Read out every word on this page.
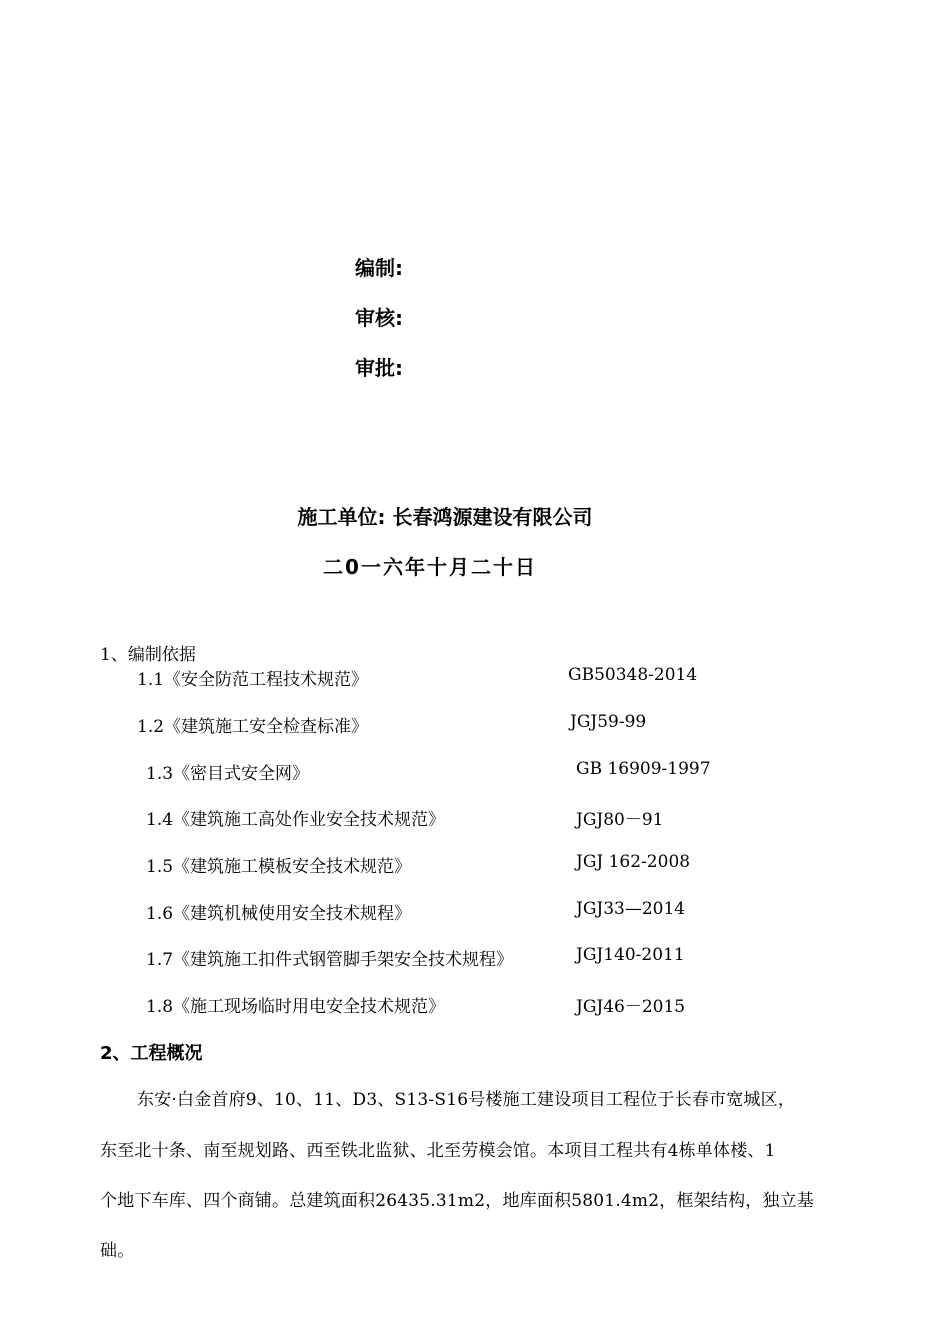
编制:
审核:
审批:
施工单位: 长春鸿源建设有限公司
二0一六年十月二十日
1、编制依据
1.1《安全防范工程技术规范》	GB50348-2014
1.2《建筑施工安全检查标准》	JGJ59-99
1.3《密目式安全网》	GB 16909-1997
1.4《建筑施工高处作业安全技术规范》	JGJ80－91
1.5《建筑施工模板安全技术规范》	JGJ 162-2008
1.6《建筑机械使用安全技术规程》	JGJ33—2014
1.7《建筑施工扣件式钢管脚手架安全技术规程》	JGJ140-2011
1.8《施工现场临时用电安全技术规范》	JGJ46－2015
2、工程概况
东安·白金首府9、10、11、D3、S13-S16号楼施工建设项目工程位于长春市宽城区，
东至北十条、南至规划路、西至铁北监狱、北至劳模会馆。本项目工程共有4栋单体楼、1
个地下车库、四个商铺。总建筑面积26435.31m2，地库面积5801.4m2，框架结构，独立基
础。
